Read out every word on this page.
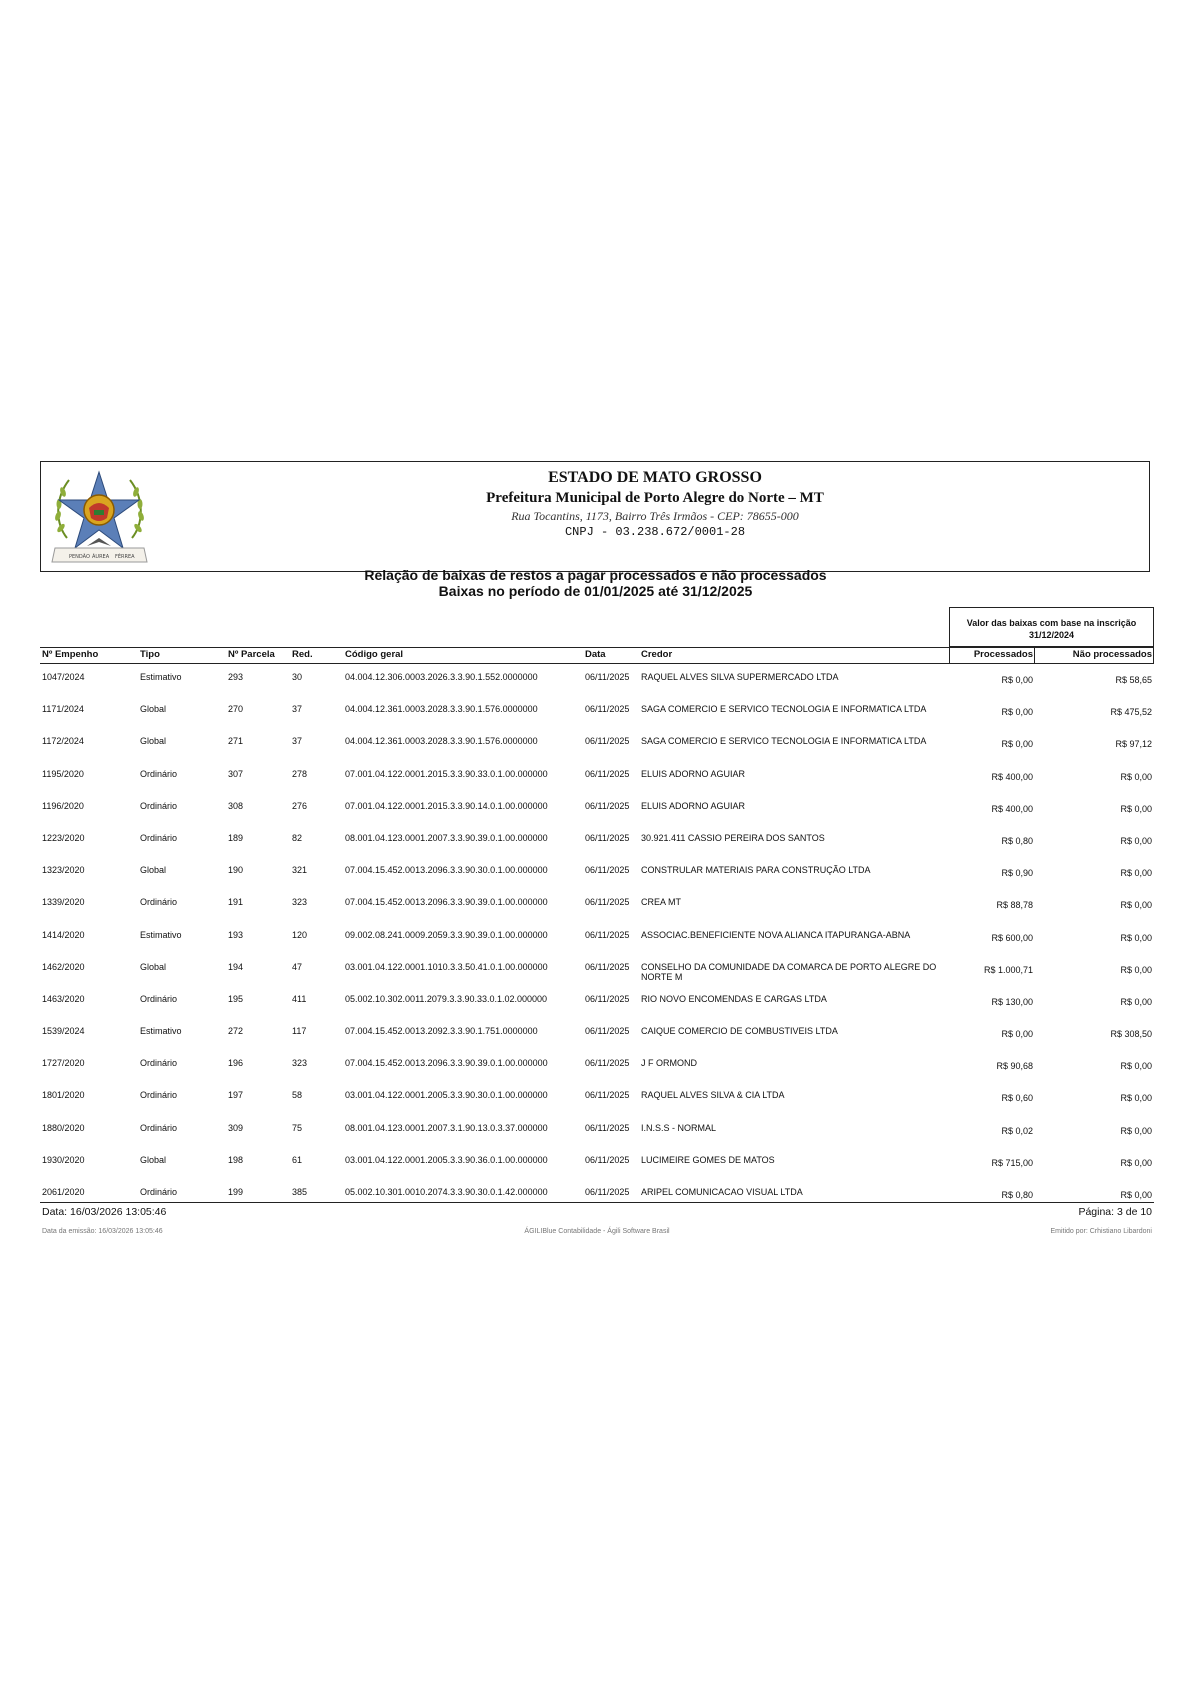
PENDÃO ÁUREA FÉRREA
ESTADO DE MATO GROSSO
Prefeitura Municipal de Porto Alegre do Norte – MT
Rua Tocantins, 1173, Bairro Três Irmãos - CEP: 78655-000
CNPJ - 03.238.672/0001-28
Relação de baixas de restos a pagar processados e não processados
Baixas no período de 01/01/2025 até 31/12/2025
Valor das baixas com base na inscrição
31/12/2024
Nº Empenho	Tipo	Nº Parcela Red.	Código geral	Data	Credor	Processados	Não processados
1047/2024	Estimativo	293	30	04.004.12.306.0003.2026.3.3.90.1.552.0000000	06/11/2025 RAQUEL ALVES SILVA SUPERMERCADO LTDA	R$ 0,00	R$ 58,65
1171/2024	Global	270	37	04.004.12.361.0003.2028.3.3.90.1.576.0000000	06/11/2025 SAGA COMERCIO E SERVICO TECNOLOGIA E INFORMATICA LTDA	R$ 0,00	R$ 475,52
1172/2024	Global	271	37	04.004.12.361.0003.2028.3.3.90.1.576.0000000	06/11/2025 SAGA COMERCIO E SERVICO TECNOLOGIA E INFORMATICA LTDA	R$ 0,00	R$ 97,12
1195/2020	Ordinário	307	278	07.001.04.122.0001.2015.3.3.90.33.0.1.00.000000	06/11/2025 ELUIS ADORNO AGUIAR	R$ 400,00	R$ 0,00
1196/2020	Ordinário	308	276	07.001.04.122.0001.2015.3.3.90.14.0.1.00.000000	06/11/2025 ELUIS ADORNO AGUIAR	R$ 400,00	R$ 0,00
1223/2020	Ordinário	189	82	08.001.04.123.0001.2007.3.3.90.39.0.1.00.000000	06/11/2025 30.921.411 CASSIO PEREIRA DOS SANTOS	R$ 0,80	R$ 0,00
1323/2020	Global	190	321	07.004.15.452.0013.2096.3.3.90.30.0.1.00.000000	06/11/2025 CONSTRULAR MATERIAIS PARA CONSTRUÇÃO LTDA	R$ 0,90	R$ 0,00
1339/2020	Ordinário	191	323	07.004.15.452.0013.2096.3.3.90.39.0.1.00.000000	06/11/2025 CREA MT	R$ 88,78	R$ 0,00
1414/2020	Estimativo	193	120	09.002.08.241.0009.2059.3.3.90.39.0.1.00.000000	06/11/2025 ASSOCIAC.BENEFICIENTE NOVA ALIANCA ITAPURANGA-ABNA	R$ 600,00	R$ 0,00
1462/2020	Global	194	47	03.001.04.122.0001.1010.3.3.50.41.0.1.00.000000	06/11/2025 CONSELHO DA COMUNIDADE DA COMARCA DE PORTO ALEGRE DO NORTE M
R$ 1.000,71	R$ 0,00
1463/2020	Ordinário	195	411	05.002.10.302.0011.2079.3.3.90.33.0.1.02.000000	06/11/2025 RIO NOVO ENCOMENDAS E CARGAS LTDA	R$ 130,00	R$ 0,00
1539/2024	Estimativo	272	117	07.004.15.452.0013.2092.3.3.90.1.751.0000000	06/11/2025 CAIQUE COMERCIO DE COMBUSTIVEIS LTDA	R$ 0,00	R$ 308,50
1727/2020	Ordinário	196	323	07.004.15.452.0013.2096.3.3.90.39.0.1.00.000000	06/11/2025 J F ORMOND	R$ 90,68	R$ 0,00
1801/2020	Ordinário	197	58	03.001.04.122.0001.2005.3.3.90.30.0.1.00.000000	06/11/2025 RAQUEL ALVES SILVA & CIA LTDA	R$ 0,60	R$ 0,00
1880/2020	Ordinário	309	75	08.001.04.123.0001.2007.3.1.90.13.0.3.37.000000	06/11/2025 I.N.S.S - NORMAL	R$ 0,02	R$ 0,00
1930/2020	Global	198	61	03.001.04.122.0001.2005.3.3.90.36.0.1.00.000000	06/11/2025 LUCIMEIRE GOMES DE MATOS	R$ 715,00	R$ 0,00
2061/2020	Ordinário	199	385	05.002.10.301.0010.2074.3.3.90.30.0.1.42.000000	06/11/2025 ARIPEL COMUNICACAO VISUAL LTDA	R$ 0,80	R$ 0,00
Data: 16/03/2026 13:05:46	Página: 3 de 10
Data da emissão: 16/03/2026 13:05:46	ÁGILIBlue Contabilidade - Ágili Software Brasil	Emitido por: Crhistiano Libardoni
